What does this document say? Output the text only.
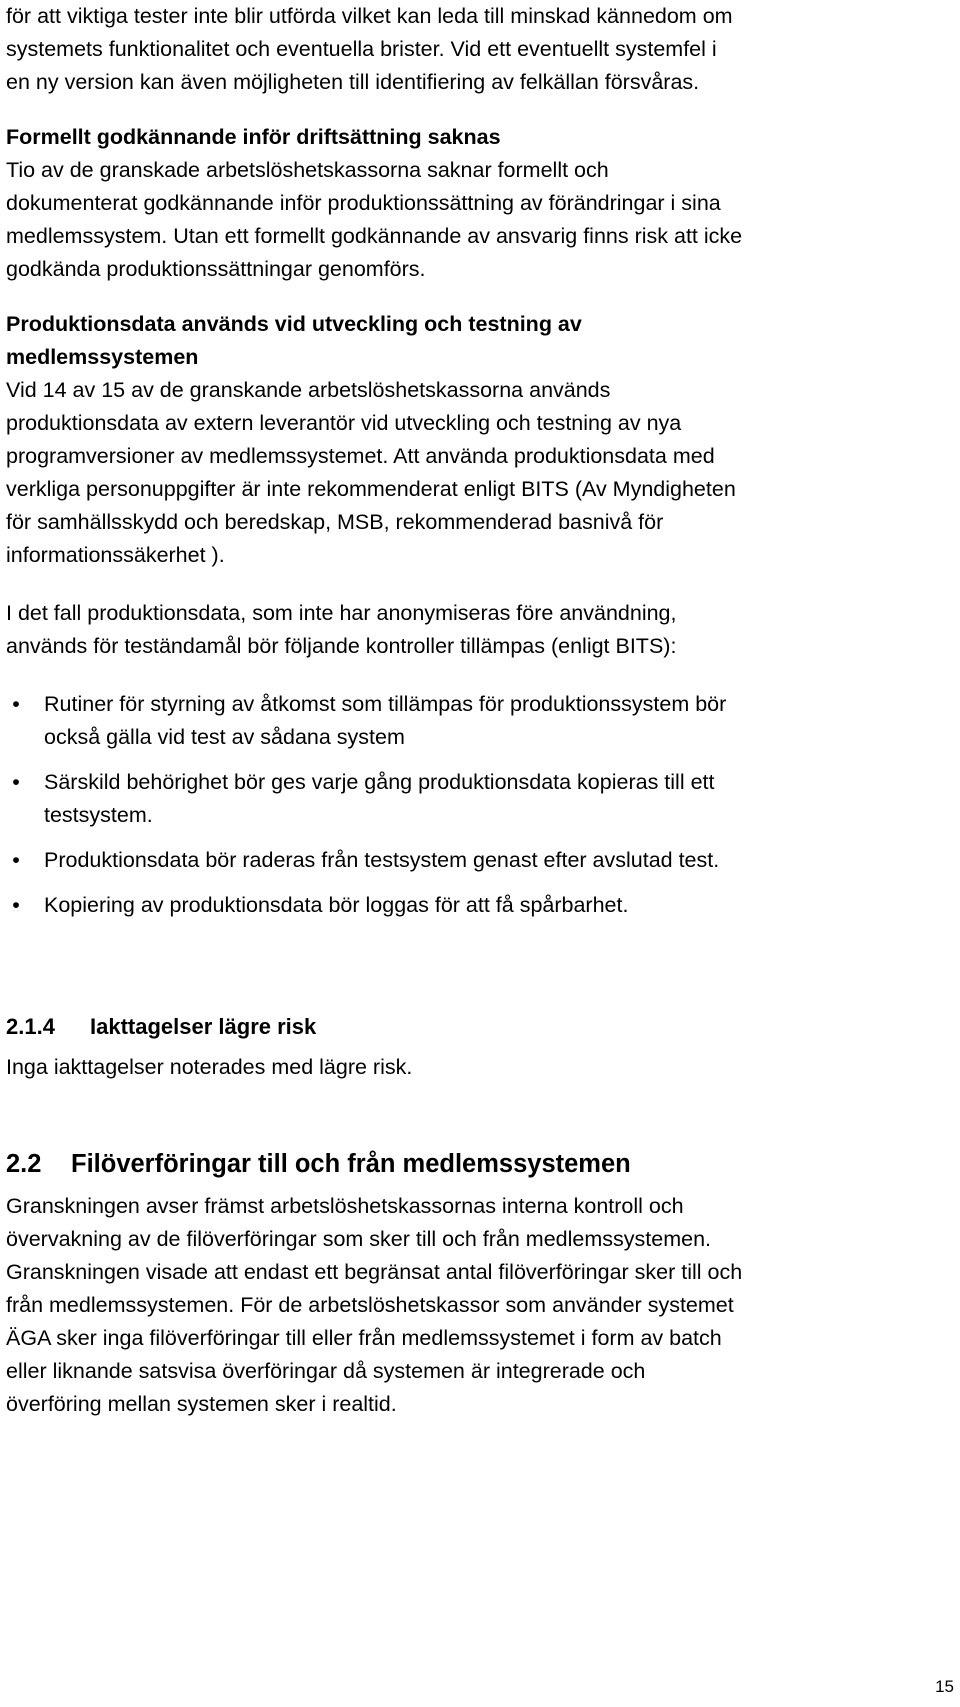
för att viktiga tester inte blir utförda vilket kan leda till minskad kännedom om
systemets funktionalitet och eventuella brister. Vid ett eventuellt systemfel i
en ny version kan även möjligheten till identifiering av felkällan försvåras.

Formellt godkännande inför driftsättning saknas

Tio av de granskade arbetslöshetskassorna saknar formellt och
dokumenterat godkännande inför produktionssättning av förändringar i sina
medlemssystem. Utan ett formellt godkännande av ansvarig finns risk att icke
godkända produktionssättningar genomförs.

Produktionsdata används vid utveckling och testning av
medlemssystemen

Vid 14 av 15 av de granskande arbetslöshetskassorna används
produktionsdata av extern leverantör vid utveckling och testning av nya
programversioner av medlemssystemet. Att använda produktionsdata med
verkliga personuppgifter är inte rekommenderat enligt BITS (Av Myndigheten
för samhällsskydd och beredskap, MSB, rekommenderad basnivå för
informationssäkerhet ).

I det fall produktionsdata, som inte har anonymiseras före användning,
används för teständamål bör följande kontroller tillämpas (enligt BITS):

• Rutiner för styrning av åtkomst som tillämpas för produktionssystem bör
också gälla vid test av sådana system
• Särskild behörighet bör ges varje gång produktionsdata kopieras till ett
testsystem.
• Produktionsdata bör raderas från testsystem genast efter avslutad test.
• Kopiering av produktionsdata bör loggas för att få spårbarhet.
2.1.4	Iakttagelser lägre risk

Inga iakttagelser noterades med lägre risk.

2.2	Filöverföringar till och från medlemssystemen

Granskningen avser främst arbetslöshetskassornas interna kontroll och
övervakning av de filöverföringar som sker till och från medlemssystemen.
Granskningen visade att endast ett begränsat antal filöverföringar sker till och
från medlemssystemen. För de arbetslöshetskassor som använder systemet
ÄGA sker inga filöverföringar till eller från medlemssystemet i form av batch
eller liknande satsvisa överföringar då systemen är integrerade och
överföring mellan systemen sker i realtid.

15
